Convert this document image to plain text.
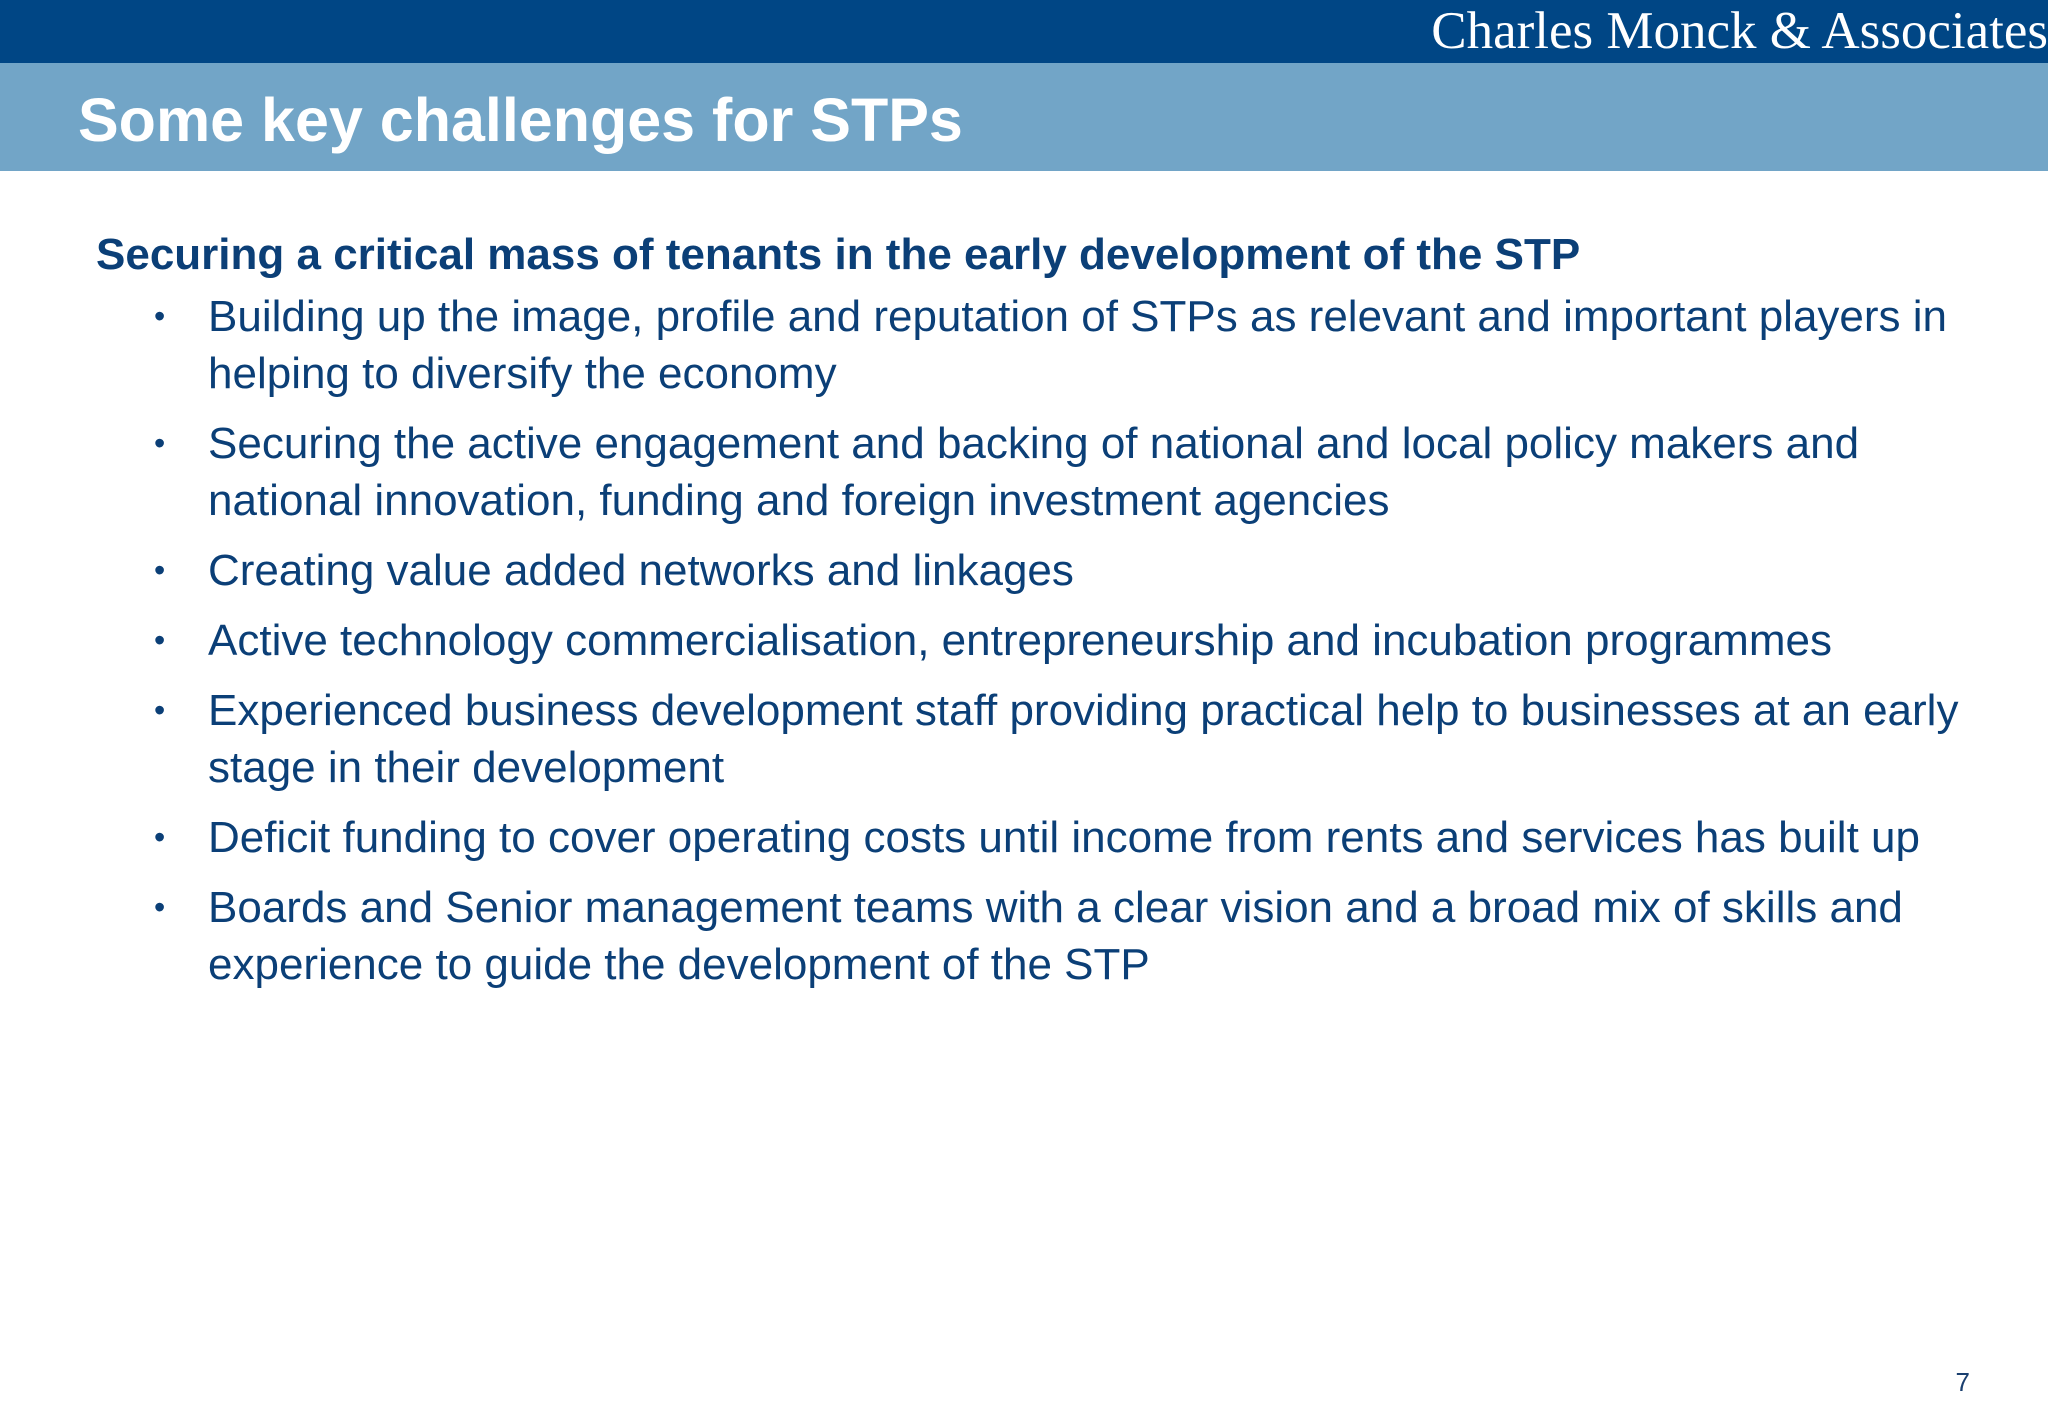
Charles Monck & Associates
Some key challenges for STPs
Securing a critical mass of tenants in the early development of the STP
• Building up the image, profile and reputation of STPs as relevant and important players in helping to diversify the economy
• Securing the active engagement and backing of national and local policy makers and national innovation, funding and foreign investment agencies
• Creating value added networks and linkages
• Active technology commercialisation, entrepreneurship and incubation programmes
• Experienced business development staff providing practical help to businesses at an early stage in their development
• Deficit funding to cover operating costs until income from rents and services has built up
• Boards and Senior management teams with a clear vision and a broad mix of skills and experience to guide the development of the STP
7
